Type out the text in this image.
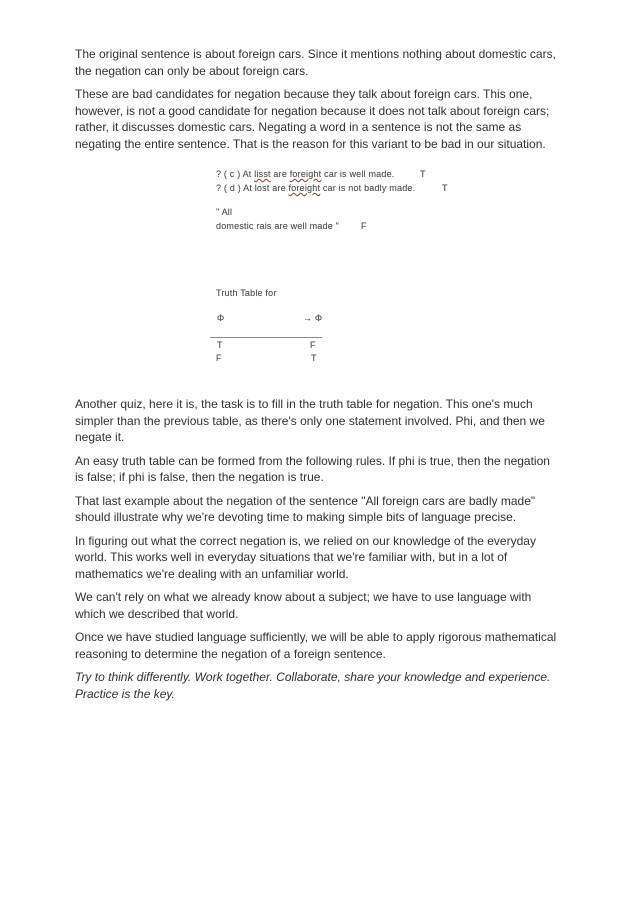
The original sentence is about foreign cars. Since it mentions nothing about domestic cars,
the negation can only be about foreign cars.
These are bad candidates for negation because they talk about foreign cars. This one,
however, is not a good candidate for negation because it does not talk about foreign cars;
rather, it discusses domestic cars. Negating a word in a sentence is not the same as
negating the entire sentence. That is the reason for this variant to be bad in our situation.
? ( c ) At lisst are foreight car is well made.	T
? ( d ) At lost are foreight car is not badly made.	T
" All
domestic rais are well made " F
Truth Table for
Φ	→ Φ
T	F
F	T
Another quiz, here it is, the task is to fill in the truth table for negation. This one's much
simpler than the previous table, as there's only one statement involved. Phi, and then we
negate it.
An easy truth table can be formed from the following rules. If phi is true, then the negation
is false; if phi is false, then the negation is true.
That last example about the negation of the sentence "All foreign cars are badly made"
should illustrate why we're devoting time to making simple bits of language precise.
In figuring out what the correct negation is, we relied on our knowledge of the everyday
world. This works well in everyday situations that we're familiar with, but in a lot of
mathematics we're dealing with an unfamiliar world.
We can't rely on what we already know about a subject; we have to use language with
which we described that world.
Once we have studied language sufficiently, we will be able to apply rigorous mathematical
reasoning to determine the negation of a foreign sentence.
Try to think differently. Work together. Collaborate, share your knowledge and experience.
Practice is the key.
